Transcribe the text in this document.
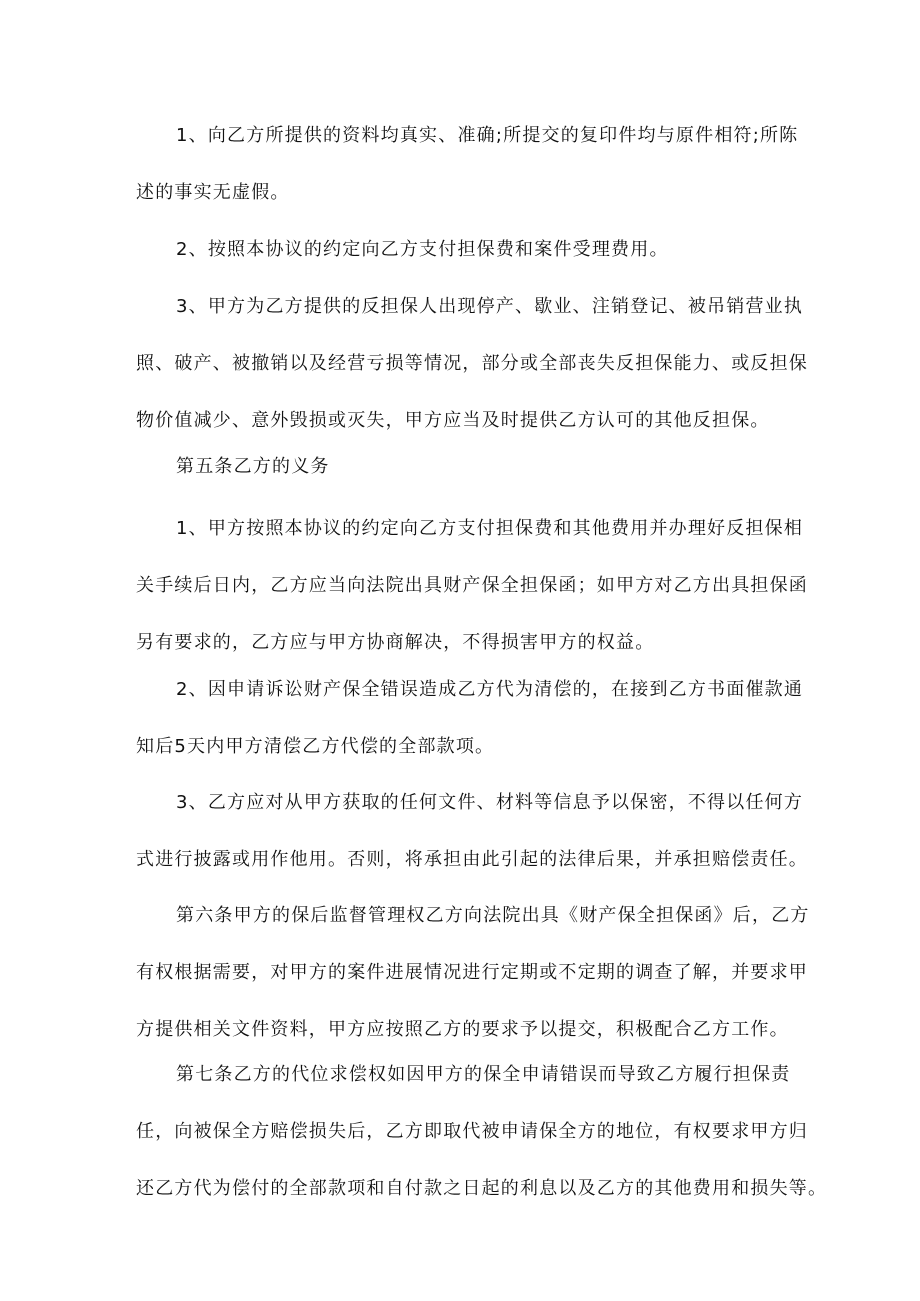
1、向乙方所提供的资料均真实、准确;所提交的复印件均与原件相符;所陈
述的事实无虚假。
2、按照本协议的约定向乙方支付担保费和案件受理费用。
3、甲方为乙方提供的反担保人出现停产、歇业、注销登记、被吊销营业执
照、破产、被撤销以及经营亏损等情况，部分或全部丧失反担保能力、或反担保
物价值减少、意外毁损或灭失，甲方应当及时提供乙方认可的其他反担保。
第五条乙方的义务
1、甲方按照本协议的约定向乙方支付担保费和其他费用并办理好反担保相
关手续后日内，乙方应当向法院出具财产保全担保函；如甲方对乙方出具担保函
另有要求的，乙方应与甲方协商解决，不得损害甲方的权益。
2、因申请诉讼财产保全错误造成乙方代为清偿的，在接到乙方书面催款通
知后5天内甲方清偿乙方代偿的全部款项。
3、乙方应对从甲方获取的任何文件、材料等信息予以保密，不得以任何方
式进行披露或用作他用。否则，将承担由此引起的法律后果，并承担赔偿责任。
第六条甲方的保后监督管理权乙方向法院出具《财产保全担保函》后，乙方
有权根据需要，对甲方的案件进展情况进行定期或不定期的调查了解，并要求甲
方提供相关文件资料，甲方应按照乙方的要求予以提交，积极配合乙方工作。
第七条乙方的代位求偿权如因甲方的保全申请错误而导致乙方履行担保责
任，向被保全方赔偿损失后，乙方即取代被申请保全方的地位，有权要求甲方归
还乙方代为偿付的全部款项和自付款之日起的利息以及乙方的其他费用和损失等。
